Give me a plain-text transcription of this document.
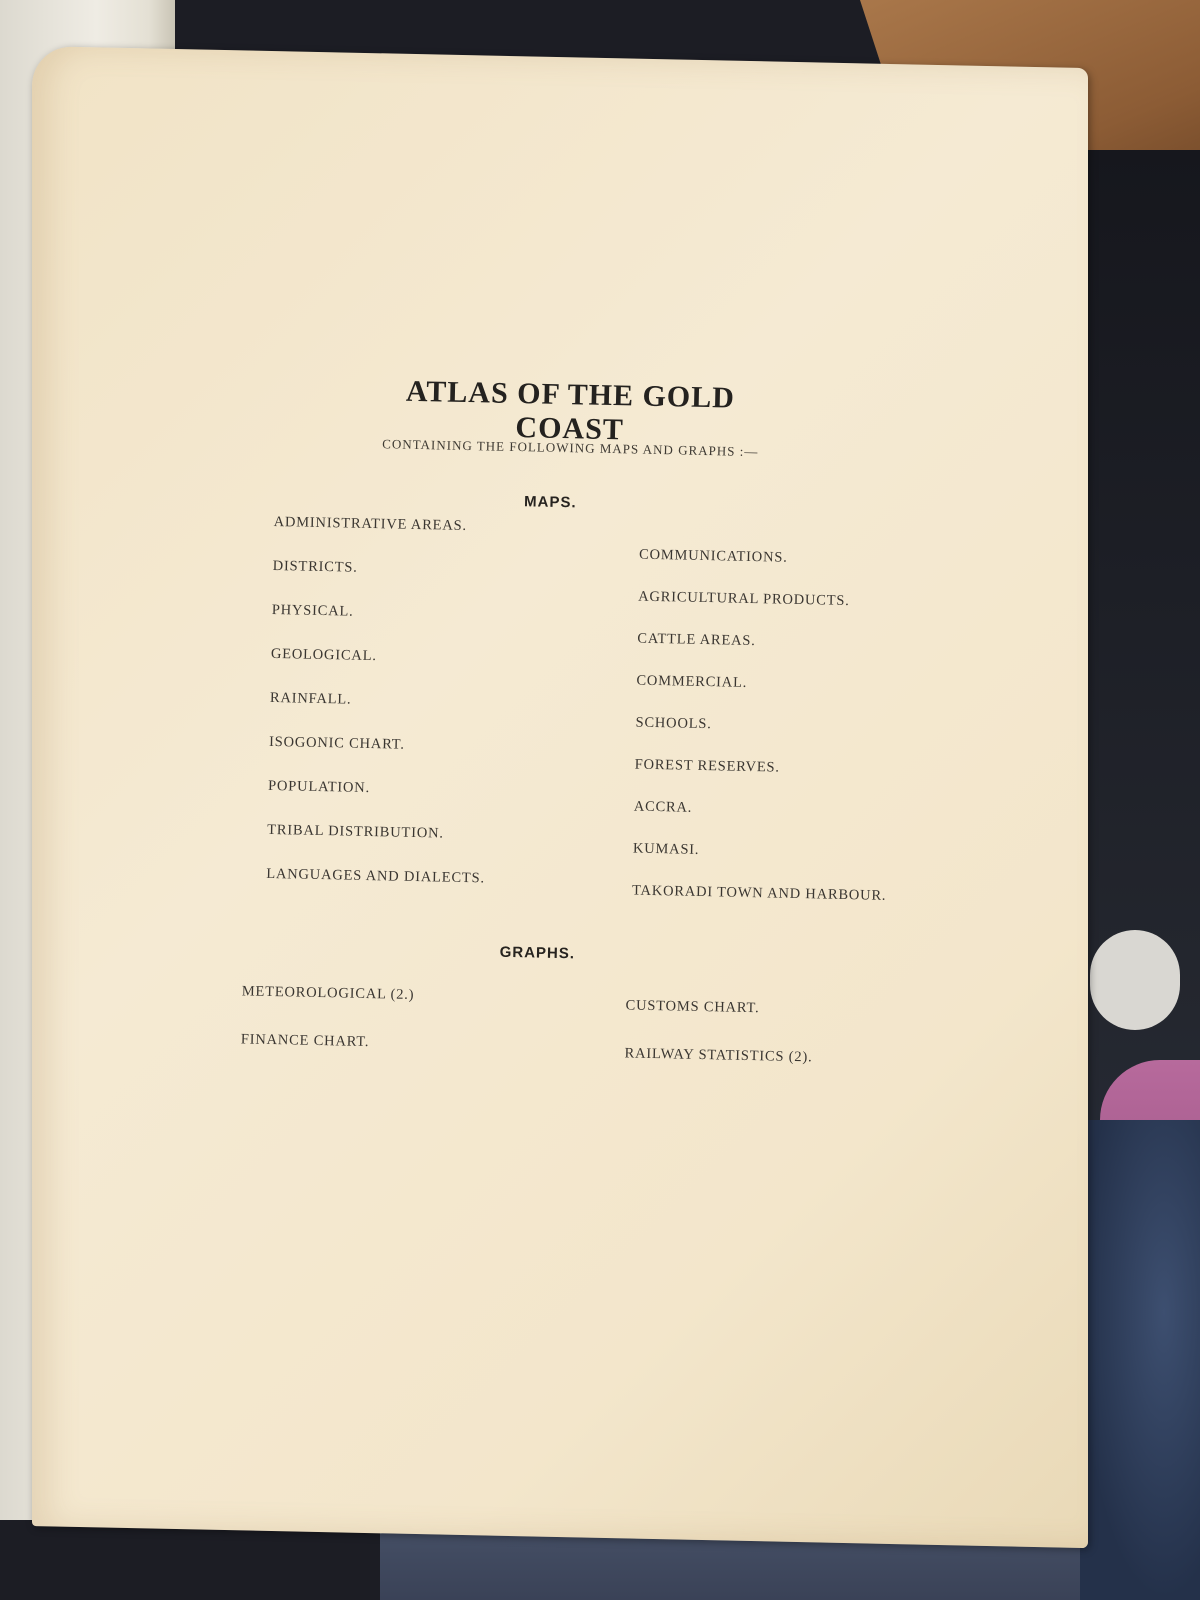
ATLAS OF THE GOLD COAST
CONTAINING THE FOLLOWING MAPS AND GRAPHS :—
MAPS.
ADMINISTRATIVE AREAS.
DISTRICTS.
PHYSICAL.
GEOLOGICAL.
RAINFALL.
ISOGONIC CHART.
POPULATION.
TRIBAL DISTRIBUTION.
LANGUAGES AND DIALECTS.
COMMUNICATIONS.
AGRICULTURAL PRODUCTS.
CATTLE AREAS.
COMMERCIAL.
SCHOOLS.
FOREST RESERVES.
ACCRA.
KUMASI.
TAKORADI TOWN AND HARBOUR.
GRAPHS.
METEOROLOGICAL (2.)
FINANCE CHART.
CUSTOMS CHART.
RAILWAY STATISTICS (2).
